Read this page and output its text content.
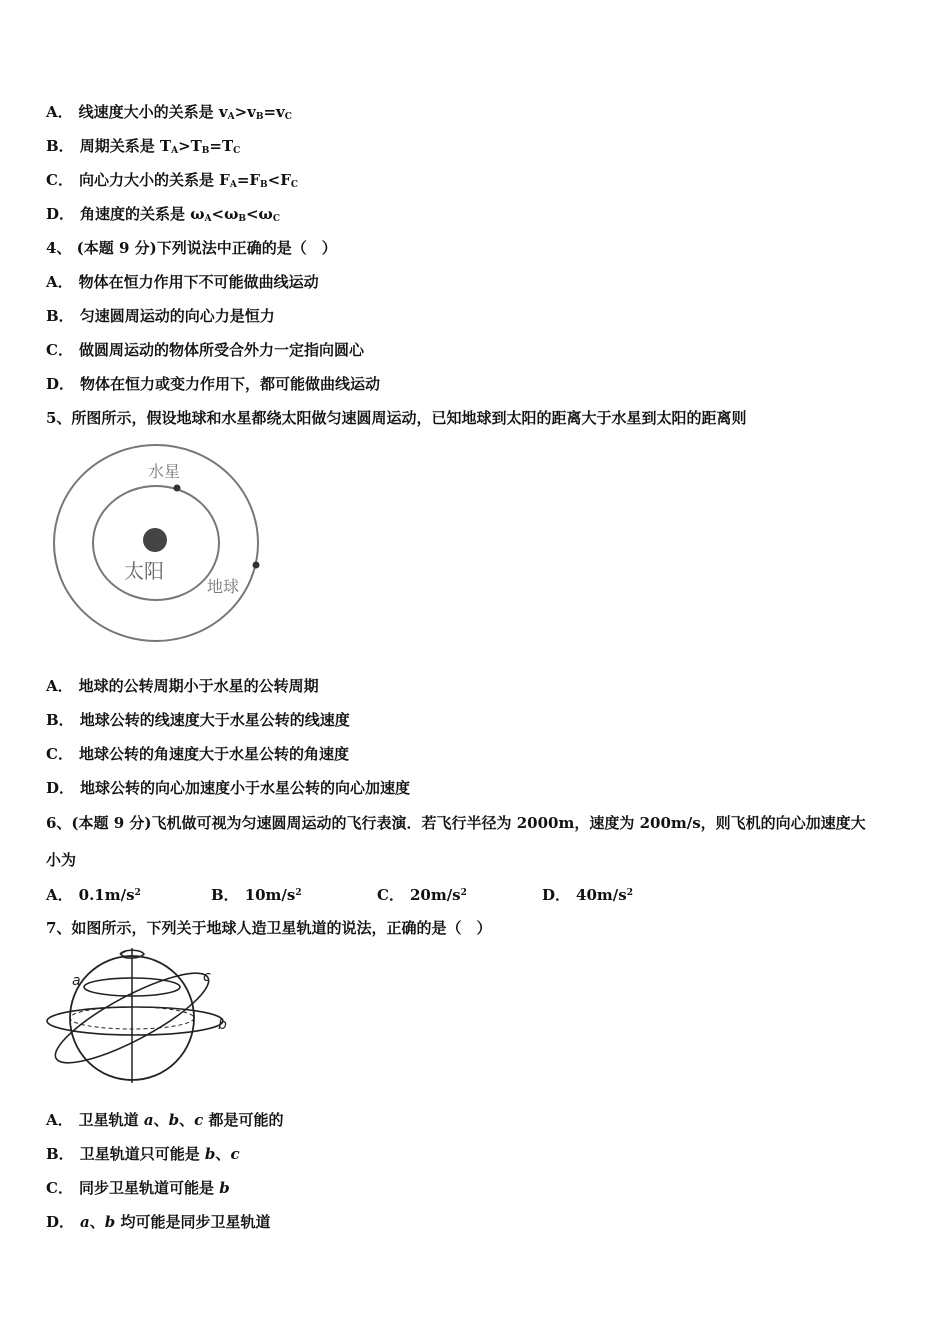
A． 线速度大小的关系是 $v_A>v_B=v_C$
B． 周期关系是 $T_A>T_B=T_C$
C． 向心力大小的关系是 $F_A=F_B<F_C$
D． 角速度的关系是 $\omega_A<\omega_B<\omega_C$
4、 (本题 9 分)下列说法中正确的是（　）
A． 物体在恒力作用下不可能做曲线运动
B． 匀速圆周运动的向心力是恒力
C． 做圆周运动的物体所受合外力一定指向圆心
D． 物体在恒力或变力作用下，都可能做曲线运动
5、所图所示，假设地球和水星都绕太阳做匀速圆周运动，已知地球到太阳的距离大于水星到太阳的距离则
水星
太阳
地球
A． 地球的公转周期小于水星的公转周期
B． 地球公转的线速度大于水星公转的线速度
C． 地球公转的角速度大于水星公转的角速度
D． 地球公转的向心加速度小于水星公转的向心加速度
6、(本题 9 分)飞机做可视为匀速圆周运动的飞行表演．若飞行半径为 2000m，速度为 200m/s，则飞机的向心加速度大
小为
A． $0.1m/s^2$	B． $10m/s^2$	C． $20m/s^2$	D． $40m/s^2$
7、如图所示，下列关于地球人造卫星轨道的说法，正确的是（　）
a
b
c
A． 卫星轨道 a、b、c 都是可能的
B． 卫星轨道只可能是 b、c
C． 同步卫星轨道可能是 b
D． a、b 均可能是同步卫星轨道
